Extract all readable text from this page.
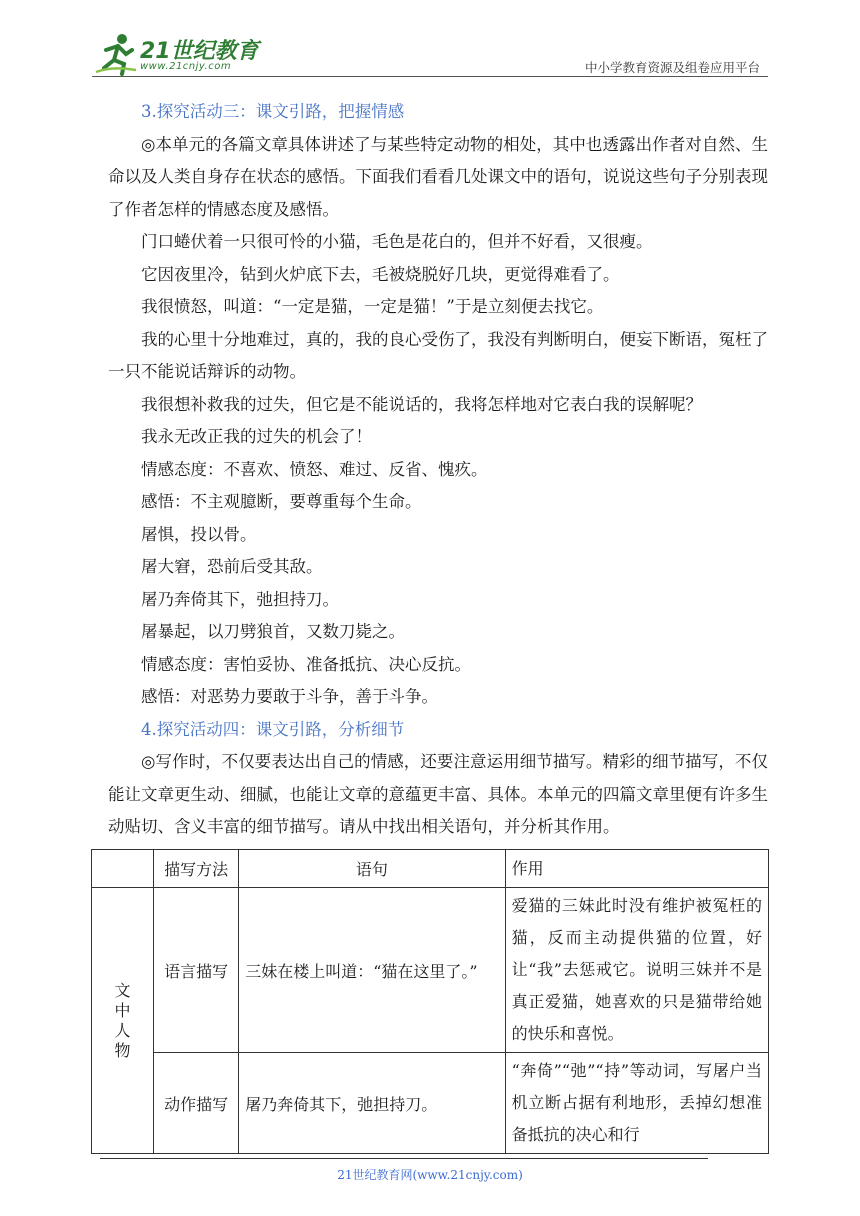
21世纪教育
www.21cnjy.com	中小学教育资源及组卷应用平台

3.探究活动三：课文引路，把握情感

◎本单元的各篇文章具体讲述了与某些特定动物的相处，其中也透露出作者对自然、生命以及人类自身存在状态的感悟。下面我们看看几处课文中的语句，说说这些句子分别表现了作者怎样的情感态度及感悟。

门口蜷伏着一只很可怜的小猫，毛色是花白的，但并不好看，又很瘦。

它因夜里冷，钻到火炉底下去，毛被烧脱好几块，更觉得难看了。

我很愤怒，叫道：“一定是猫，一定是猫！”于是立刻便去找它。

我的心里十分地难过，真的，我的良心受伤了，我没有判断明白，便妄下断语，冤枉了一只不能说话辩诉的动物。

我很想补救我的过失，但它是不能说话的，我将怎样地对它表白我的误解呢？

我永无改正我的过失的机会了！

情感态度：不喜欢、愤怒、难过、反省、愧疚。

感悟：不主观臆断，要尊重每个生命。

屠惧，投以骨。

屠大窘，恐前后受其敌。

屠乃奔倚其下，弛担持刀。

屠暴起，以刀劈狼首，又数刀毙之。

情感态度：害怕妥协、准备抵抗、决心反抗。

感悟：对恶势力要敢于斗争，善于斗争。

4.探究活动四：课文引路，分析细节

◎写作时，不仅要表达出自己的情感，还要注意运用细节描写。精彩的细节描写，不仅能让文章更生动、细腻，也能让文章的意蕴更丰富、具体。本单元的四篇文章里便有许多生动贴切、含义丰富的细节描写。请从中找出相关语句，并分析其作用。

	描写方法	语句	作用

文
中
人
物	语言描写	三妹在楼上叫道：“猫在这里了。”	爱猫的三妹此时没有维护被冤枉的猫，反而主动提供猫的位置，好让“我”去惩戒它。说明三妹并不是真正爱猫，她喜欢的只是猫带给她的快乐和喜悦。
	动作描写	屠乃奔倚其下，弛担持刀。	“奔倚”“弛”“持”等动词，写屠户当机立断占据有利地形，丢掉幻想准备抵抗的决心和行
21世纪教育网(www.21cnjy.com)
